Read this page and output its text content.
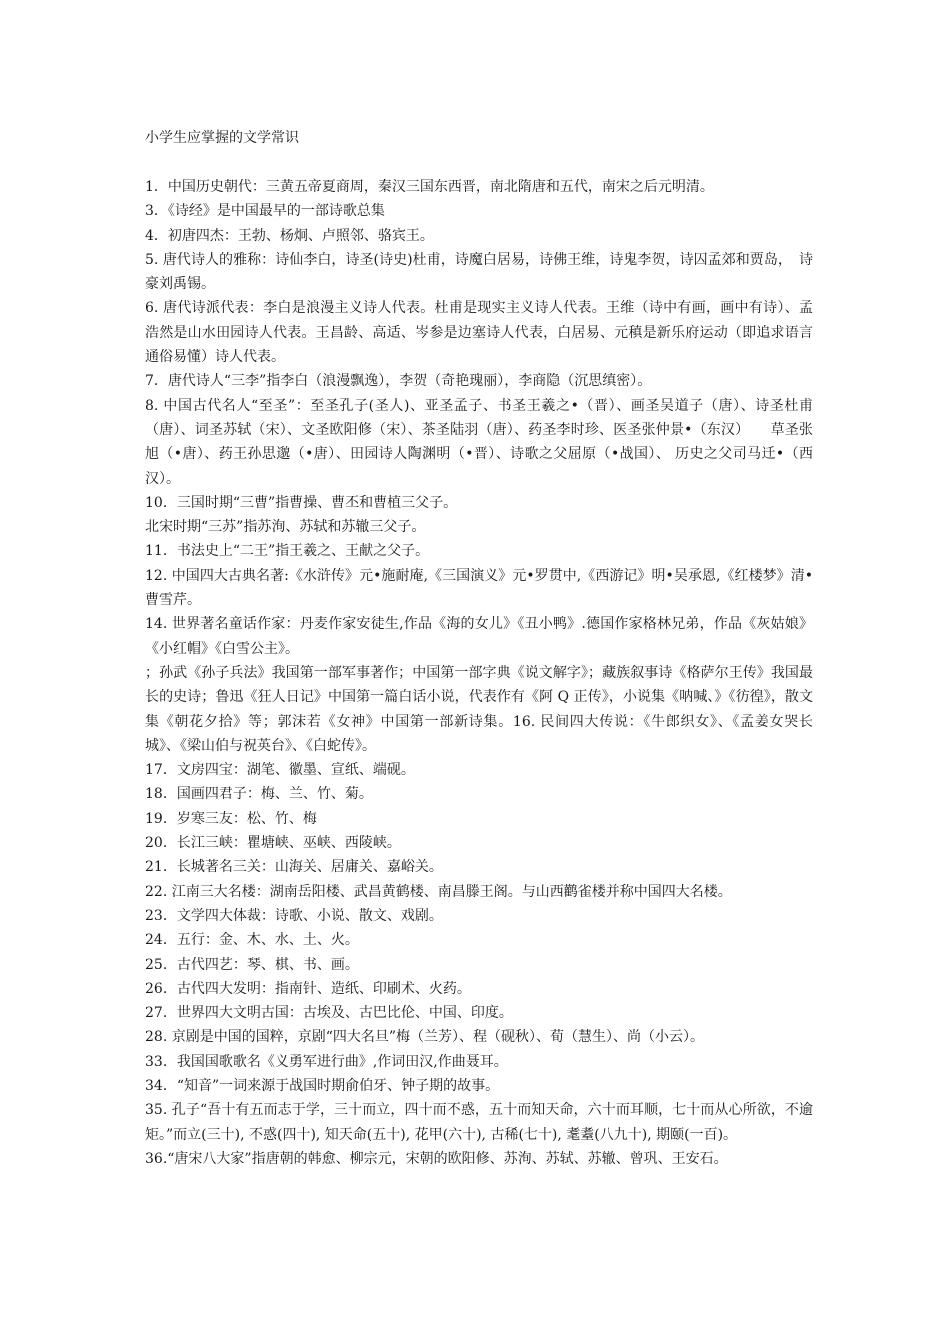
小学生应掌握的文学常识

1．中国历史朝代：三黄五帝夏商周，秦汉三国东西晋，南北隋唐和五代，南宋之后元明清。

3．《诗经》是中国最早的一部诗歌总集

4．初唐四杰：王勃、杨炯、卢照邻、骆宾王。

5. 唐代诗人的雅称：诗仙李白，诗圣(诗史)杜甫，诗魔白居易，诗佛王维，诗鬼李贺，诗囚孟郊和贾岛，　诗豪刘禹锡。

6. 唐代诗派代表：李白是浪漫主义诗人代表。杜甫是现实主义诗人代表。王维（诗中有画，画中有诗）、孟浩然是山水田园诗人代表。王昌龄、高适、岑参是边塞诗人代表，白居易、元稹是新乐府运动（即追求语言通俗易懂）诗人代表。

7．唐代诗人“三李”指李白（浪漫飘逸），李贺（奇艳瑰丽），李商隐（沉思缜密）。

8. 中国古代名人“至圣”：至圣孔子(圣人)、亚圣孟子、书圣王羲之•（晋）、画圣吴道子（唐）、诗圣杜甫（唐）、词圣苏轼（宋）、文圣欧阳修（宋）、茶圣陆羽（唐）、药圣李时珍、医圣张仲景•（东汉）　　草圣张旭（•唐）、药王孙思邈（•唐）、田园诗人陶渊明（•晋）、诗歌之父屈原（•战国）、 历史之父司马迁•（西汉）。

10．三国时期“三曹”指曹操、曹丕和曹植三父子。

北宋时期“三苏”指苏洵、苏轼和苏辙三父子。

11．书法史上“二王”指王羲之、王献之父子。

12. 中国四大古典名著:《水浒传》元•施耐庵,《三国演义》元•罗贯中,《西游记》明•吴承恩,《红楼梦》清•曹雪芹。

14. 世界著名童话作家：丹麦作家安徒生,作品《海的女儿》《丑小鸭》.德国作家格林兄弟，作品《灰姑娘》《小红帽》《白雪公主》。

；孙武《孙子兵法》我国第一部军事著作；中国第一部字典《说文解字》；藏族叙事诗《格萨尔王传》我国最长的史诗；鲁迅《狂人日记》中国第一篇白话小说，代表作有《阿 Q 正传》，小说集《呐喊、》《彷徨》，散文集《朝花夕拾》等；郭沫若《女神》中国第一部新诗集。16. 民间四大传说：《牛郎织女》、《孟姜女哭长城》、《梁山伯与祝英台》、《白蛇传》。

17．文房四宝：湖笔、徽墨、宣纸、端砚。

18．国画四君子：梅、兰、竹、菊。

19．岁寒三友：松、竹、梅

20．长江三峡：瞿塘峡、巫峡、西陵峡。

21．长城著名三关：山海关、居庸关、嘉峪关。

22. 江南三大名楼：湖南岳阳楼、武昌黄鹤楼、南昌滕王阁。与山西鹳雀楼并称中国四大名楼。

23．文学四大体裁：诗歌、小说、散文、戏剧。

24．五行：金、木、水、土、火。

25．古代四艺：琴、棋、书、画。

26．古代四大发明：指南针、造纸、印刷术、火药。

27．世界四大文明古国：古埃及、古巴比伦、中国、印度。

28. 京剧是中国的国粹，京剧“四大名旦”梅（兰芳）、程（砚秋）、荀（慧生）、尚（小云）。

33．我国国歌歌名《义勇军进行曲》,作词田汉,作曲聂耳。

34．“知音”一词来源于战国时期俞伯牙、钟子期的故事。

35. 孔子“吾十有五而志于学，三十而立，四十而不惑，五十而知天命，六十而耳顺，七十而从心所欲，不逾矩。”而立(三十), 不惑(四十), 知天命(五十), 花甲(六十), 古稀(七十), 耄耋(八九十), 期颐(一百)。

36.“唐宋八大家”指唐朝的韩愈、柳宗元，宋朝的欧阳修、苏洵、苏轼、苏辙、曾巩、王安石。
